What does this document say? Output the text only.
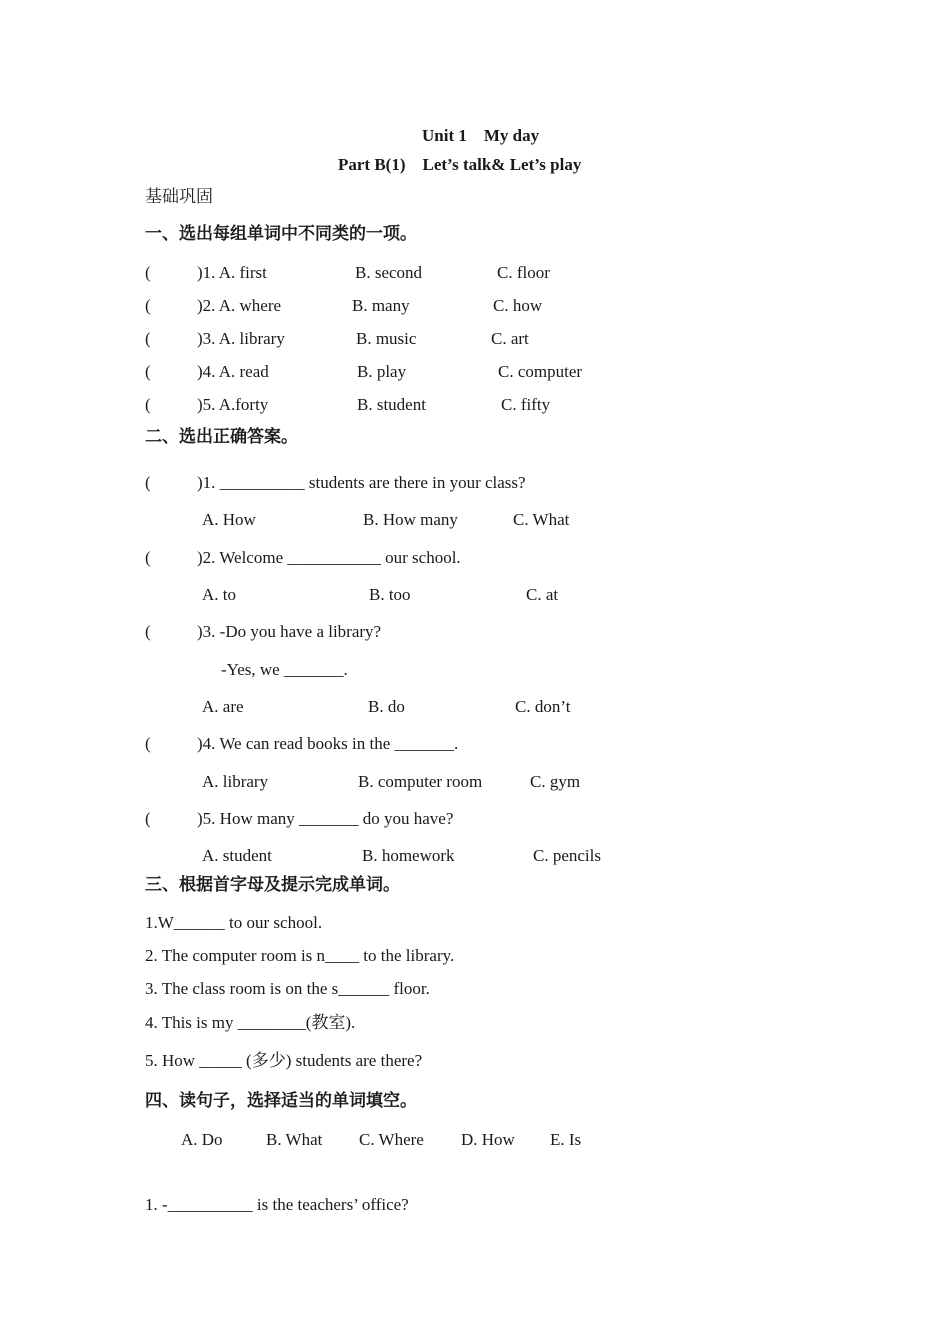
Unit 1    My day
Part B(1)    Let’s talk& Let’s play
基础巩固
一、选出每组单词中不同类的一项。
(	)1. A. first	B. second	C. floor
(	)2. A. where	B. many	C. how
(	)3. A. library	B. music	C. art
(	)4. A. read	B. play	C. computer
(	)5. A.forty	B. student	C. fifty
二、选出正确答案。
(	)1. __________ students are there in your class?
A. How	B. How many	C. What
(	)2. Welcome ___________ our school.
A. to	B. too	C. at
(	)3. -Do you have a library?
-Yes, we _______.
A. are	B. do	C. don’t
(	)4. We can read books in the _______.
A. library	B. computer room	C. gym
(	)5. How many _______ do you have?
A. student	B. homework	C. pencils
三、根据首字母及提示完成单词。
1.W______ to our school.
2. The computer room is n____ to the library.
3. The class room is on the s______ floor.
4. This is my ________(教室).
5. How _____ (多少) students are there?
四、读句子，选择适当的单词填空。
A. Do	B. What C. Where D. How E. Is
1. -__________ is the teachers’ office?
